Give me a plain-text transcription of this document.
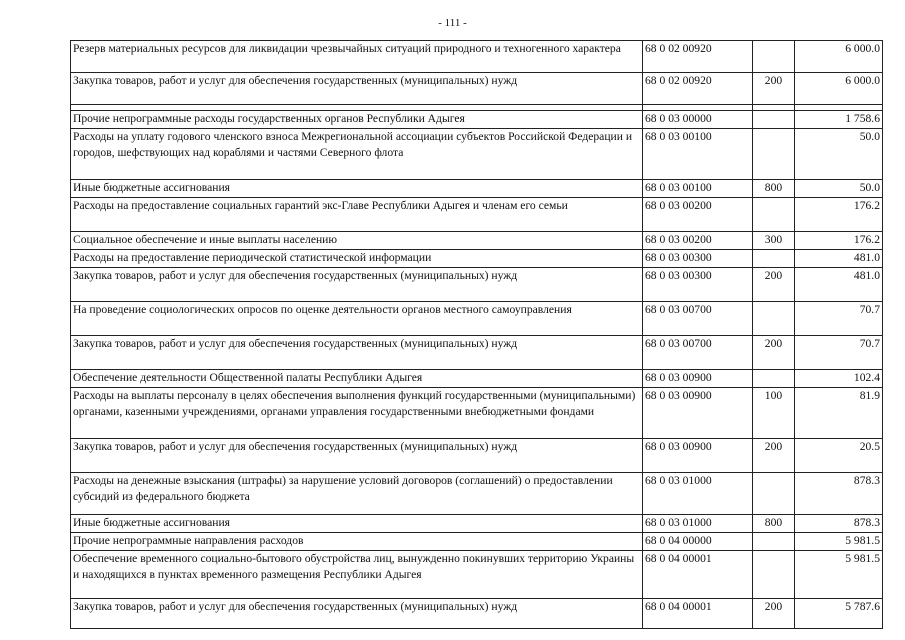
- 111 -
Резерв материальных ресурсов для ликвидации чрезвычайных ситуаций природного и техногенного характера	68 0 02 00920		6 000.0
Закупка товаров, работ и услуг для обеспечения государственных (муниципальных) нужд	68 0 02 00920	200	6 000.0

Прочие непрограммные расходы государственных органов Республики Адыгея	68 0 03 00000		1 758.6
Расходы на уплату годового членского взноса Межрегиональной ассоциации субъектов Российской Федерации и городов, шефствующих над кораблями и частями Северного флота	68 0 03 00100		50.0
Иные бюджетные ассигнования	68 0 03 00100	800	50.0
Расходы на предоставление социальных гарантий экс-Главе Республики Адыгея и членам его семьи	68 0 03 00200		176.2
Социальное обеспечение и иные выплаты населению	68 0 03 00200	300	176.2
Расходы на предоставление периодической статистической информации	68 0 03 00300		481.0
Закупка товаров, работ и услуг для обеспечения государственных (муниципальных) нужд	68 0 03 00300	200	481.0
На проведение социологических опросов по оценке деятельности органов местного самоуправления	68 0 03 00700		70.7
Закупка товаров, работ и услуг для обеспечения государственных (муниципальных) нужд	68 0 03 00700	200	70.7
Обеспечение деятельности Общественной палаты Республики Адыгея	68 0 03 00900		102.4
Расходы на выплаты персоналу в целях обеспечения выполнения функций государственными (муниципальными) органами, казенными учреждениями, органами управления государственными внебюджетными фондами	68 0 03 00900	100	81.9
Закупка товаров, работ и услуг для обеспечения государственных (муниципальных) нужд	68 0 03 00900	200	20.5
Расходы на денежные взыскания (штрафы) за нарушение условий договоров (соглашений) о предоставлении субсидий из федерального бюджета	68 0 03 01000		878.3
Иные бюджетные ассигнования	68 0 03 01000	800	878.3
Прочие непрограммные направления расходов	68 0 04 00000		5 981.5
Обеспечение временного социально-бытового обустройства лиц, вынужденно покинувших территорию Украины и находящихся в пунктах временного размещения Республики Адыгея	68 0 04 00001		5 981.5
Закупка товаров, работ и услуг для обеспечения государственных (муниципальных) нужд	68 0 04 00001	200	5 787.6
